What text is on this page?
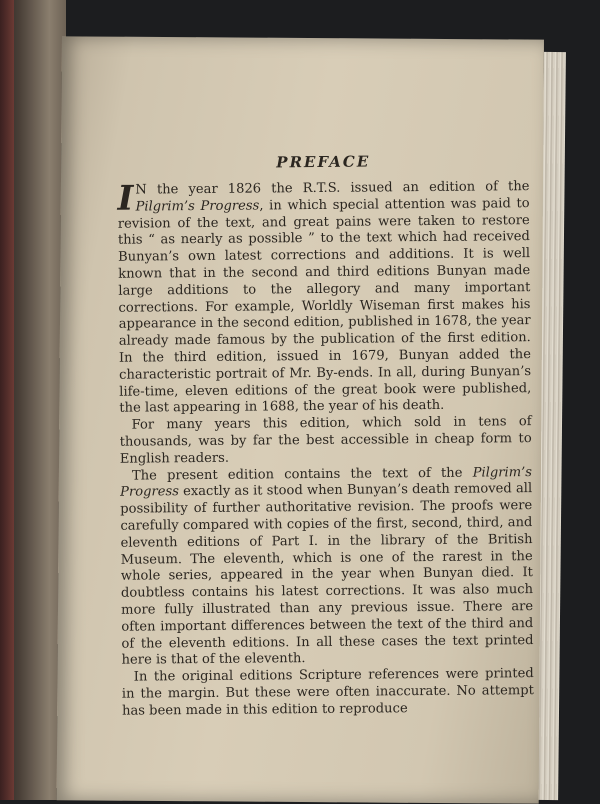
PREFACE

I N the year 1826 the R.T.S. issued an edition of the Pilgrim’s Progress, in which special attention was paid to revision of the text, and great pains were taken to restore this “ as nearly as possible ” to the text which had received Bunyan’s own latest corrections and additions. It is well known that in the second and third editions Bunyan made large additions to the allegory and many important corrections. For example, Worldly Wiseman first makes his appearance in the second edition, published in 1678, the year already made famous by the publication of the first edition. In the third edition, issued in 1679, Bunyan added the characteristic portrait of Mr. By-ends. In all, during Bunyan’s life-time, eleven editions of the great book were published, the last appearing in 1688, the year of his death.

For many years this edition, which sold in tens of thousands, was by far the best accessible in cheap form to English readers.

The present edition contains the text of the Pilgrim’s Progress exactly as it stood when Bunyan’s death removed all possibility of further authoritative revision. The proofs were carefully compared with copies of the first, second, third, and eleventh editions of Part I. in the library of the British Museum. The eleventh, which is one of the rarest in the whole series, appeared in the year when Bunyan died. It doubtless contains his latest corrections. It was also much more fully illustrated than any previous issue. There are often important differences between the text of the third and of the eleventh editions. In all these cases the text printed here is that of the eleventh.

In the original editions Scripture references were printed in the margin. But these were often inaccurate. No attempt has been made in this edition to reproduce
